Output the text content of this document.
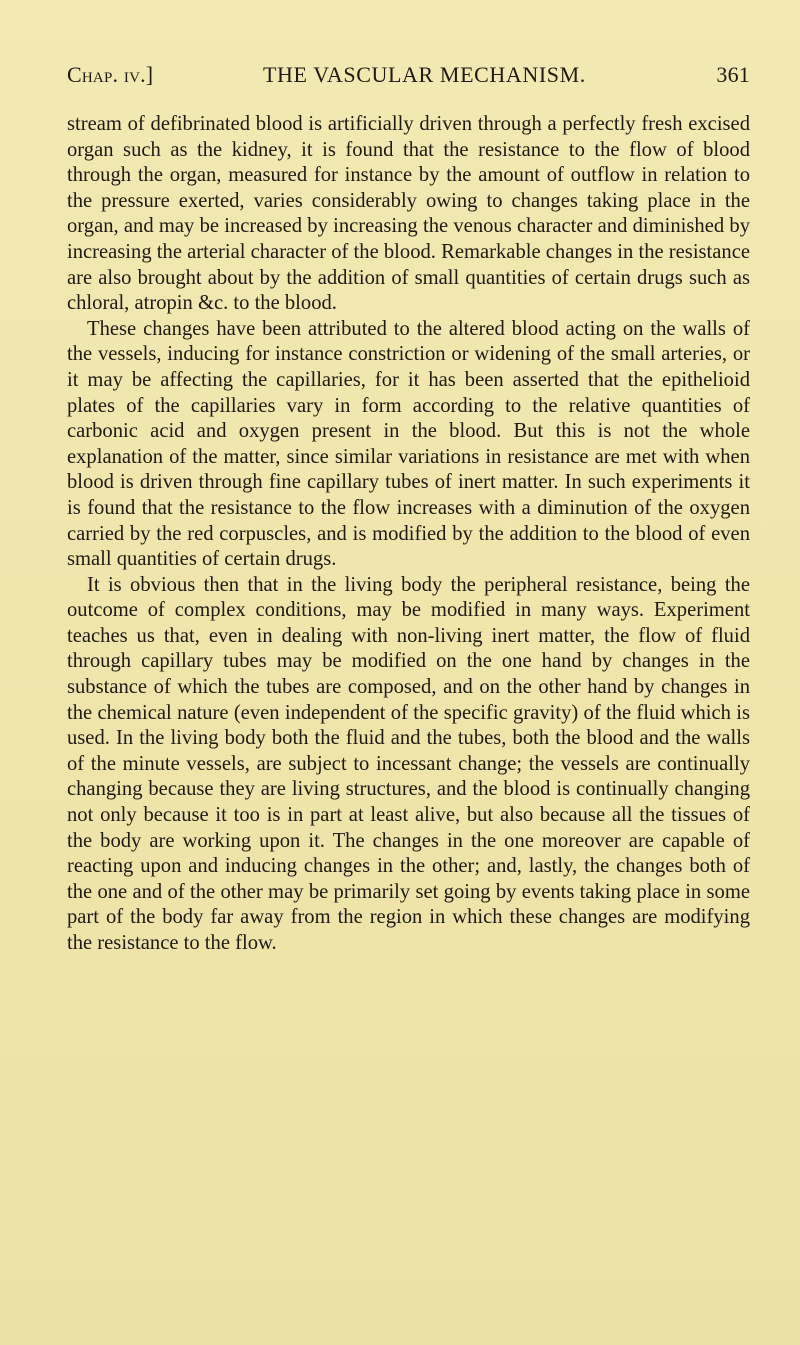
Chap. iv.]	THE VASCULAR MECHANISM.	361

stream of defibrinated blood is artificially driven through a perfectly fresh excised organ such as the kidney, it is found that the resistance to the flow of blood through the organ, measured for instance by the amount of outflow in relation to the pressure exerted, varies considerably owing to changes taking place in the organ, and may be increased by increasing the venous character and diminished by increasing the arterial character of the blood. Remarkable changes in the resistance are also brought about by the addition of small quantities of certain drugs such as chloral, atropin &c. to the blood.

These changes have been attributed to the altered blood acting on the walls of the vessels, inducing for instance constriction or widening of the small arteries, or it may be affecting the capillaries, for it has been asserted that the epithelioid plates of the capillaries vary in form according to the relative quantities of carbonic acid and oxygen present in the blood. But this is not the whole explanation of the matter, since similar variations in resistance are met with when blood is driven through fine capillary tubes of inert matter. In such experiments it is found that the resistance to the flow increases with a diminution of the oxygen carried by the red corpuscles, and is modified by the addition to the blood of even small quantities of certain drugs.

It is obvious then that in the living body the peripheral resistance, being the outcome of complex conditions, may be modified in many ways. Experiment teaches us that, even in dealing with non-living inert matter, the flow of fluid through capillary tubes may be modified on the one hand by changes in the substance of which the tubes are composed, and on the other hand by changes in the chemical nature (even independent of the specific gravity) of the fluid which is used. In the living body both the fluid and the tubes, both the blood and the walls of the minute vessels, are subject to incessant change; the vessels are continually changing because they are living structures, and the blood is continually changing not only because it too is in part at least alive, but also because all the tissues of the body are working upon it. The changes in the one moreover are capable of reacting upon and inducing changes in the other; and, lastly, the changes both of the one and of the other may be primarily set going by events taking place in some part of the body far away from the region in which these changes are modifying the resistance to the flow.
